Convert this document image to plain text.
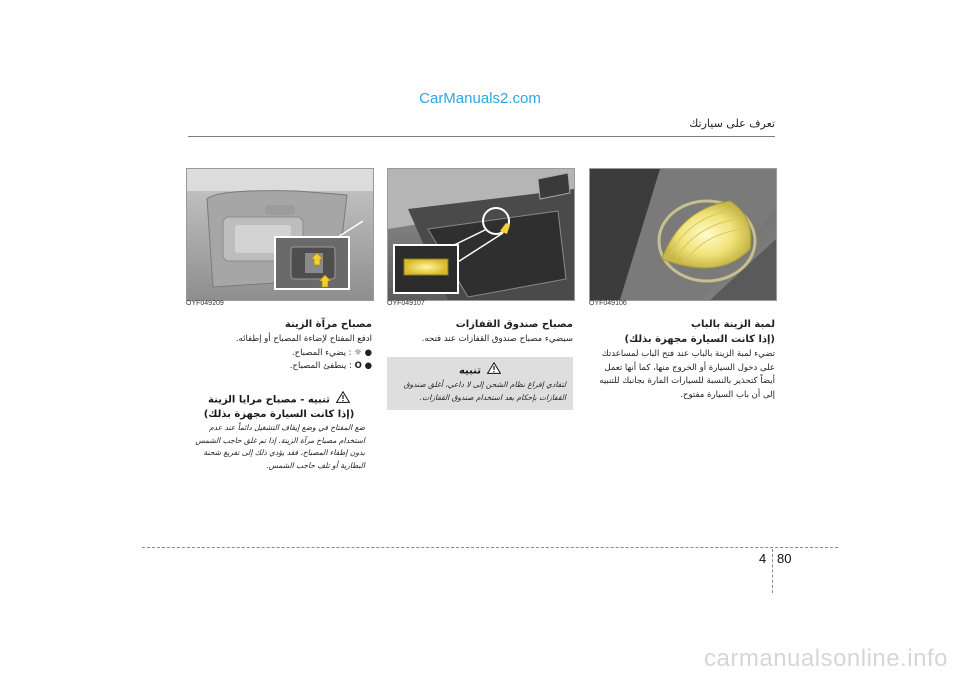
CarManuals2.com
تعرف على سيارتك
OYF049106
OYF049107
OYF049209
لمبة الزينة بالباب
(إذا كانت السيارة مجهزة بذلك)

تضيء لمبة الزينة بالباب عند فتح الباب لمساعدتك على دخول السيارة أو الخروج منها، كما أنها تعمل أيضاً كتحذير بالنسبة للسيارات المارة بجانبك للتنبيه إلى أن باب السيارة مفتوح.

مصباح صندوق القفازات

سيضيء مصباح صندوق القفازات عند فتحه.

تنبيه
لتفادي إفراغ نظام الشحن إلى لا داعي، أغلق صندوق القفازات بإحكام بعد استخدام صندوق القفازات.
مصباح مرآة الزينة

ادفع المفتاح لإضاءة المصباح أو إطفائه.

● ☼ : يضيء المصباح.

● O : ينطفئ المصباح.

تنبيه - مصباح مرايا الزينة
(إذا كانت السيارة مجهزة بذلك)
ضع المفتاح في وضع إيقاف التشغيل دائماً عند عدم استخدام مصباح مرآة الزينة. إذا تم غلق حاجب الشمس بدون إطفاء المصباح، فقد يؤدي ذلك إلى تفريغ شحنة البطارية أو تلف حاجب الشمس.
4 80
carmanualsonline.info
